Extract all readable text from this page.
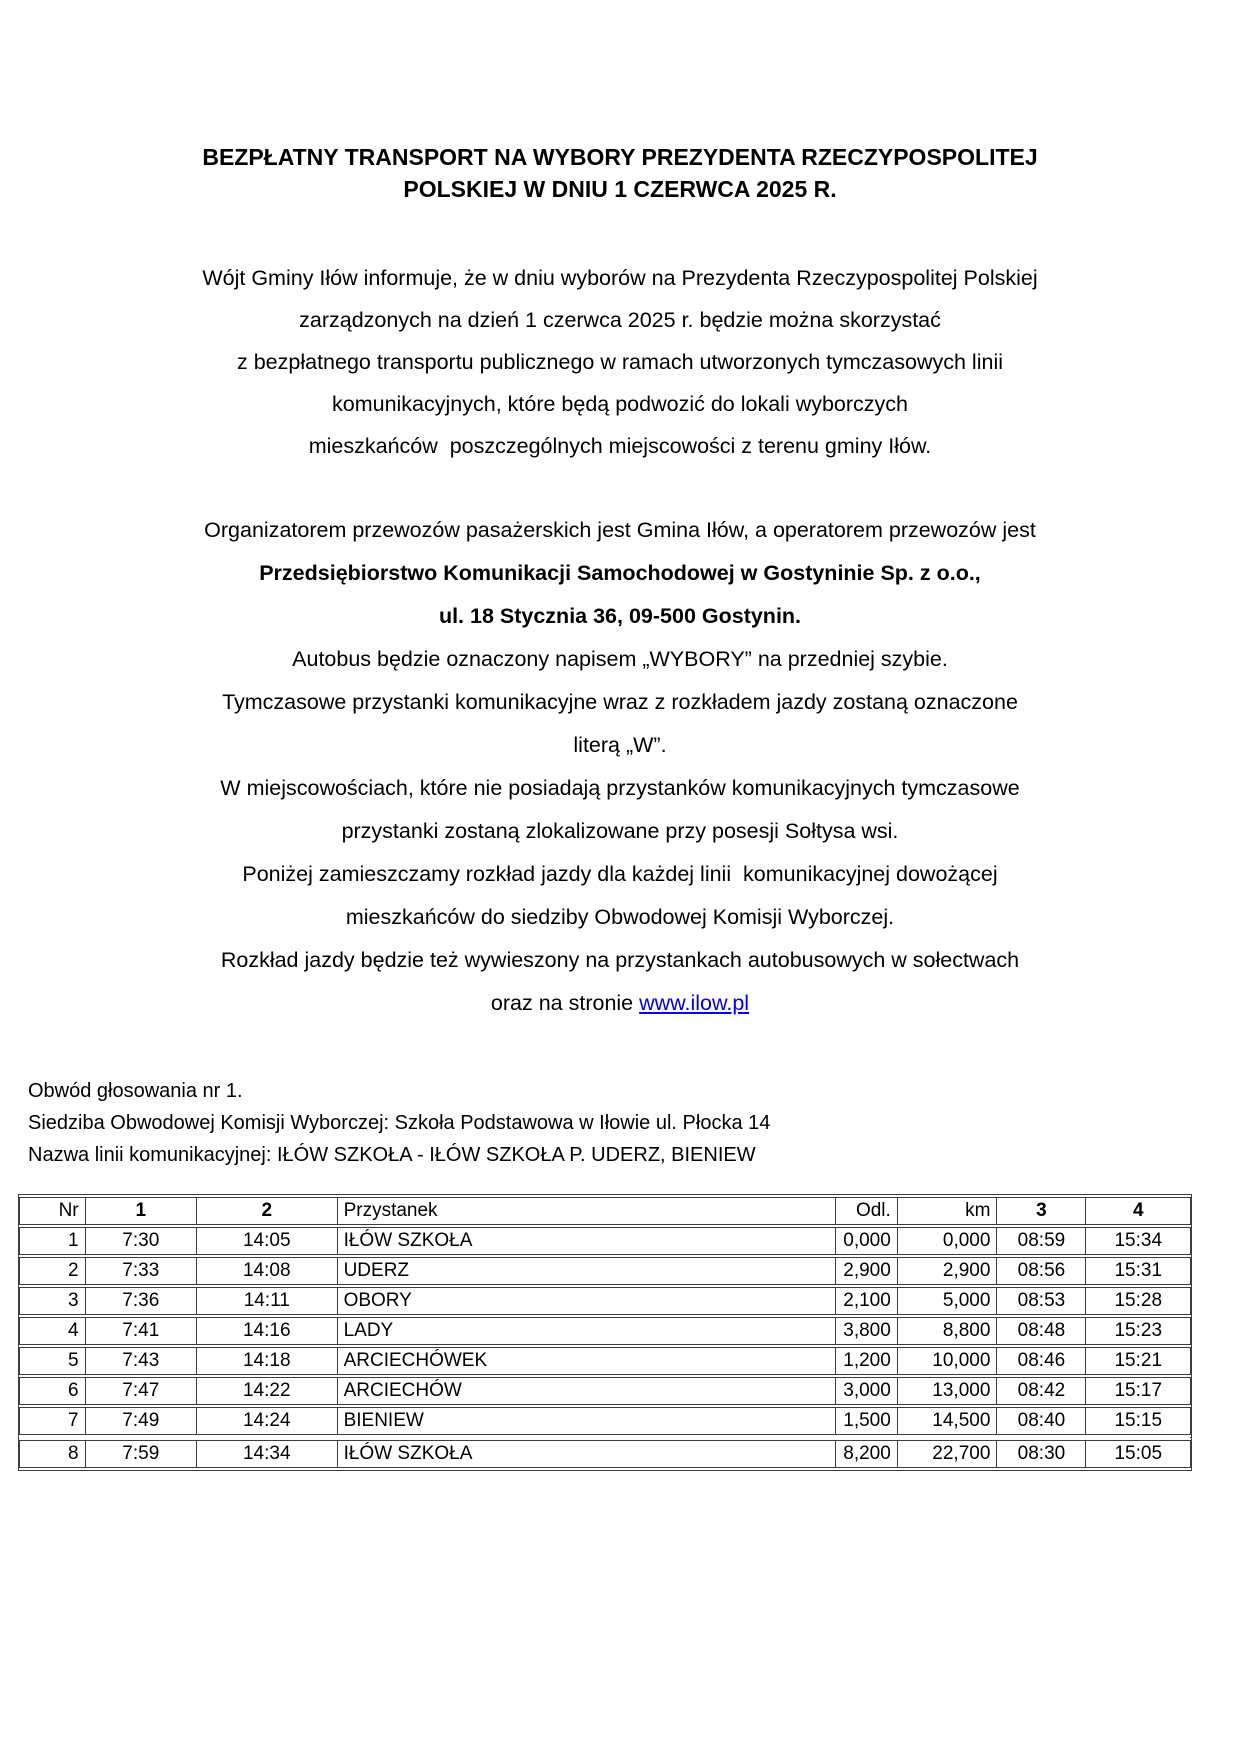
BEZPŁATNY TRANSPORT NA WYBORY PREZYDENTA RZECZYPOSPOLITEJ
POLSKIEJ W DNIU 1 CZERWCA 2025 R.
Wójt Gminy Iłów informuje, że w dniu wyborów na Prezydenta Rzeczypospolitej Polskiej
zarządzonych na dzień 1 czerwca 2025 r. będzie można skorzystać
z bezpłatnego transportu publicznego w ramach utworzonych tymczasowych linii
komunikacyjnych, które będą podwozić do lokali wyborczych
mieszkańców  poszczególnych miejscowości z terenu gminy Iłów.
Organizatorem przewozów pasażerskich jest Gmina Iłów, a operatorem przewozów jest
Przedsiębiorstwo Komunikacji Samochodowej w Gostyninie Sp. z o.o.,
ul. 18 Stycznia 36, 09-500 Gostynin.
Autobus będzie oznaczony napisem „WYBORY” na przedniej szybie.
Tymczasowe przystanki komunikacyjne wraz z rozkładem jazdy zostaną oznaczone
literą „W”.
W miejscowościach, które nie posiadają przystanków komunikacyjnych tymczasowe
przystanki zostaną zlokalizowane przy posesji Sołtysa wsi.
Poniżej zamieszczamy rozkład jazdy dla każdej linii  komunikacyjnej dowożącej
mieszkańców do siedziby Obwodowej Komisji Wyborczej.
Rozkład jazdy będzie też wywieszony na przystankach autobusowych w sołectwach
oraz na stronie www.ilow.pl
Obwód głosowania nr 1.
Siedziba Obwodowej Komisji Wyborczej: Szkoła Podstawowa w Iłowie ul. Płocka 14
Nazwa linii komunikacyjnej: IŁÓW SZKOŁA - IŁÓW SZKOŁA P. UDERZ, BIENIEW
Nr	1	2	Przystanek	Odl.	km	3	4
1	7:30	14:05	IŁÓW SZKOŁA	0,000	0,000	08:59	15:34
2	7:33	14:08	UDERZ	2,900	2,900	08:56	15:31
3	7:36	14:11	OBORY	2,100	5,000	08:53	15:28
4	7:41	14:16	LADY	3,800	8,800	08:48	15:23
5	7:43	14:18	ARCIECHÓWEK	1,200	10,000	08:46	15:21
6	7:47	14:22	ARCIECHÓW	3,000	13,000	08:42	15:17
7	7:49	14:24	BIENIEW	1,500	14,500	08:40	15:15

8	7:59	14:34	IŁÓW SZKOŁA	8,200	22,700	08:30	15:05
